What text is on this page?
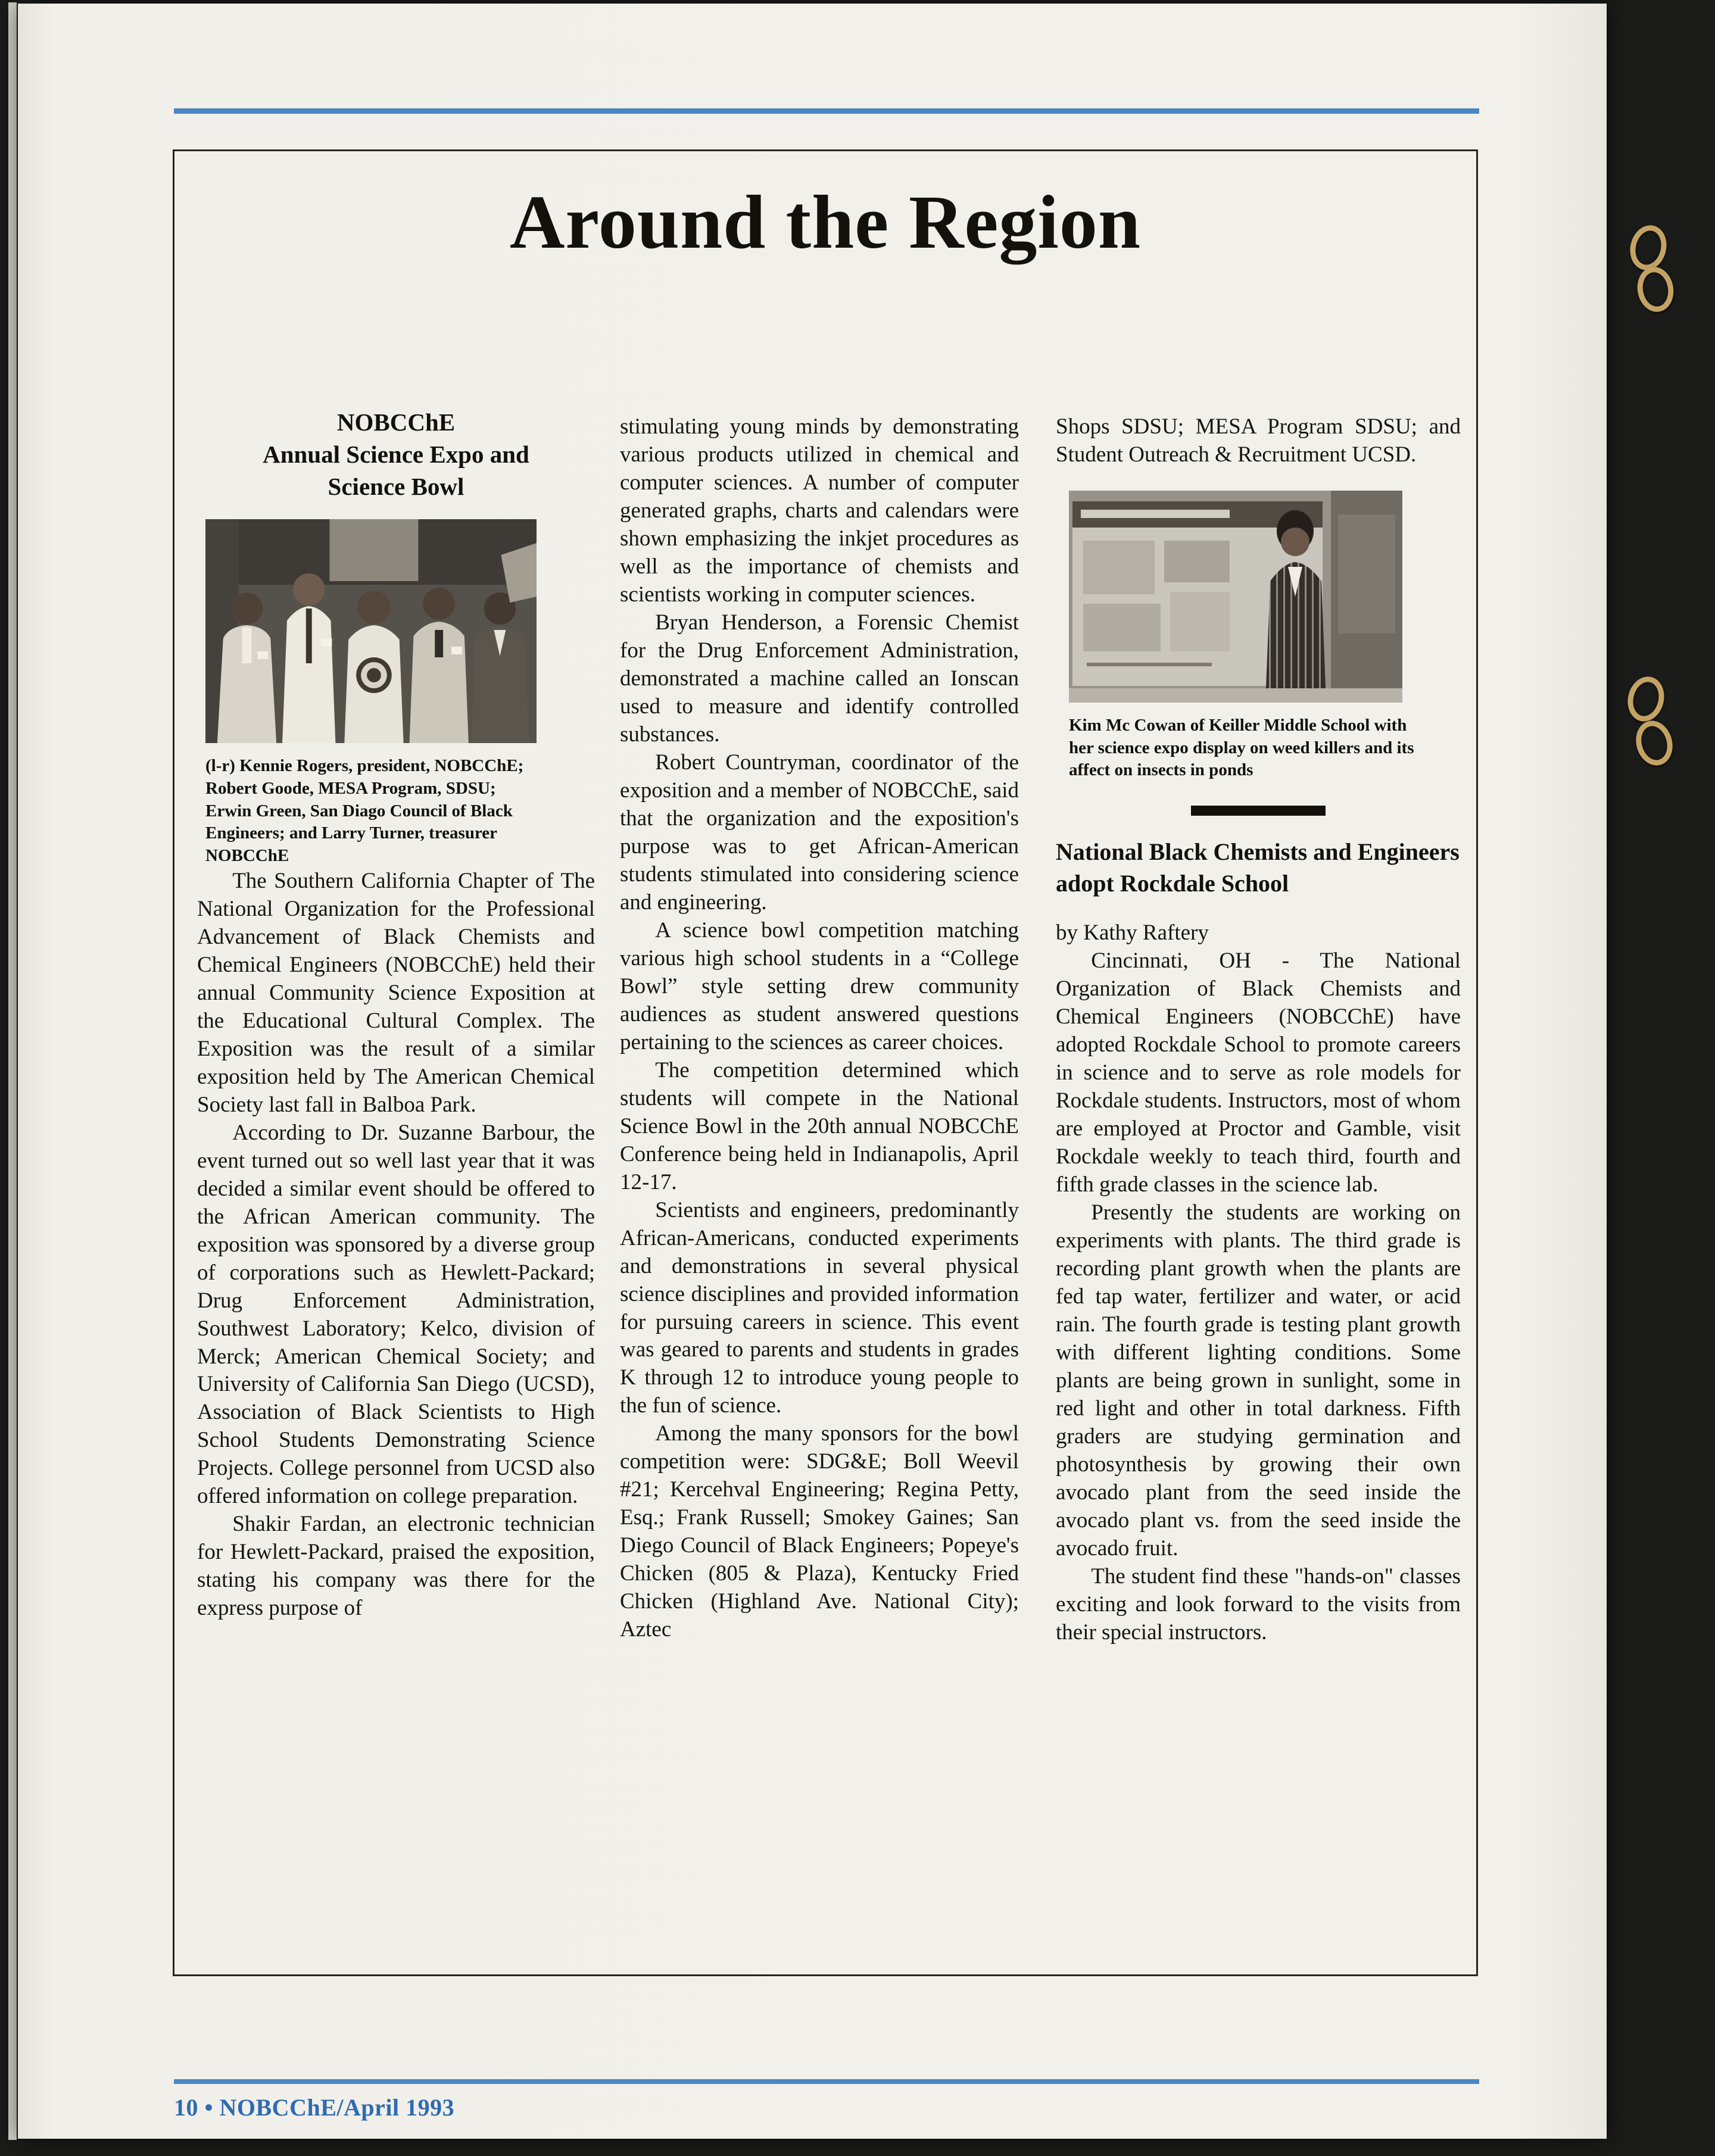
Around the Region
NOBCChE
Annual Science Expo and
Science Bowl

(l-r) Kennie Rogers, president, NOBCChE; Robert Goode, MESA Program, SDSU; Erwin Green, San Diago Council of Black Engineers; and Larry Turner, treasurer NOBCChE

The Southern California Chapter of The National Organization for the Professional Advancement of Black Chemists and Chemical Engineers (NOBCChE) held their annual Community Science Exposition at the Educational Cultural Complex. The Exposition was the result of a similar exposition held by The American Chemical Society last fall in Balboa Park.

According to Dr. Suzanne Barbour, the event turned out so well last year that it was decided a similar event should be offered to the African American community. The exposition was sponsored by a diverse group of corporations such as Hewlett-Packard; Drug Enforcement Administration, Southwest Laboratory; Kelco, division of Merck; American Chemical Society; and University of California San Diego (UCSD), Association of Black Scientists to High School Students Demonstrating Science Projects. College personnel from UCSD also offered information on college preparation.

Shakir Fardan, an electronic technician for Hewlett-Packard, praised the exposition, stating his company was there for the express purpose of

stimulating young minds by demonstrating various products utilized in chemical and computer sciences. A number of computer generated graphs, charts and calendars were shown emphasizing the inkjet procedures as well as the importance of chemists and scientists working in computer sciences.

Bryan Henderson, a Forensic Chemist for the Drug Enforcement Administration, demonstrated a machine called an Ionscan used to measure and identify controlled substances.

Robert Countryman, coordinator of the exposition and a member of NOBCChE, said that the organization and the exposition's purpose was to get African-American students stimulated into considering science and engineering.

A science bowl competition matching various high school students in a “College Bowl” style setting drew community audiences as student answered questions pertaining to the sciences as career choices.

The competition determined which students will compete in the National Science Bowl in the 20th annual NOBCChE Conference being held in Indianapolis, April 12-17.

Scientists and engineers, predominantly African-Americans, conducted experiments and demonstrations in several physical science disciplines and provided information for pursuing careers in science. This event was geared to parents and students in grades K through 12 to introduce young people to the fun of science.

Among the many sponsors for the bowl competition were: SDG&E; Boll Weevil #21; Kercehval Engineering; Regina Petty, Esq.; Frank Russell; Smokey Gaines; San Diego Council of Black Engineers; Popeye's Chicken (805 & Plaza), Kentucky Fried Chicken (Highland Ave. National City); Aztec

Shops SDSU; MESA Program SDSU; and Student Outreach & Recruitment UCSD.

Kim Mc Cowan of Keiller Middle School with her science expo display on weed killers and its affect on insects in ponds

National Black Chemists and Engineers adopt Rockdale School

by Kathy Raftery

Cincinnati, OH - The National Organization of Black Chemists and Chemical Engineers (NOBCChE) have adopted Rockdale School to promote careers in science and to serve as role models for Rockdale students. Instructors, most of whom are employed at Proctor and Gamble, visit Rockdale weekly to teach third, fourth and fifth grade classes in the science lab.

Presently the students are working on experiments with plants. The third grade is recording plant growth when the plants are fed tap water, fertilizer and water, or acid rain. The fourth grade is testing plant growth with different lighting conditions. Some plants are being grown in sunlight, some in red light and other in total darkness. Fifth graders are studying germination and photosynthesis by growing their own avocado plant from the seed inside the avocado plant vs. from the seed inside the avocado fruit.

The student find these "hands-on" classes exciting and look forward to the visits from their special instructors.

10 • NOBCChE/April 1993
